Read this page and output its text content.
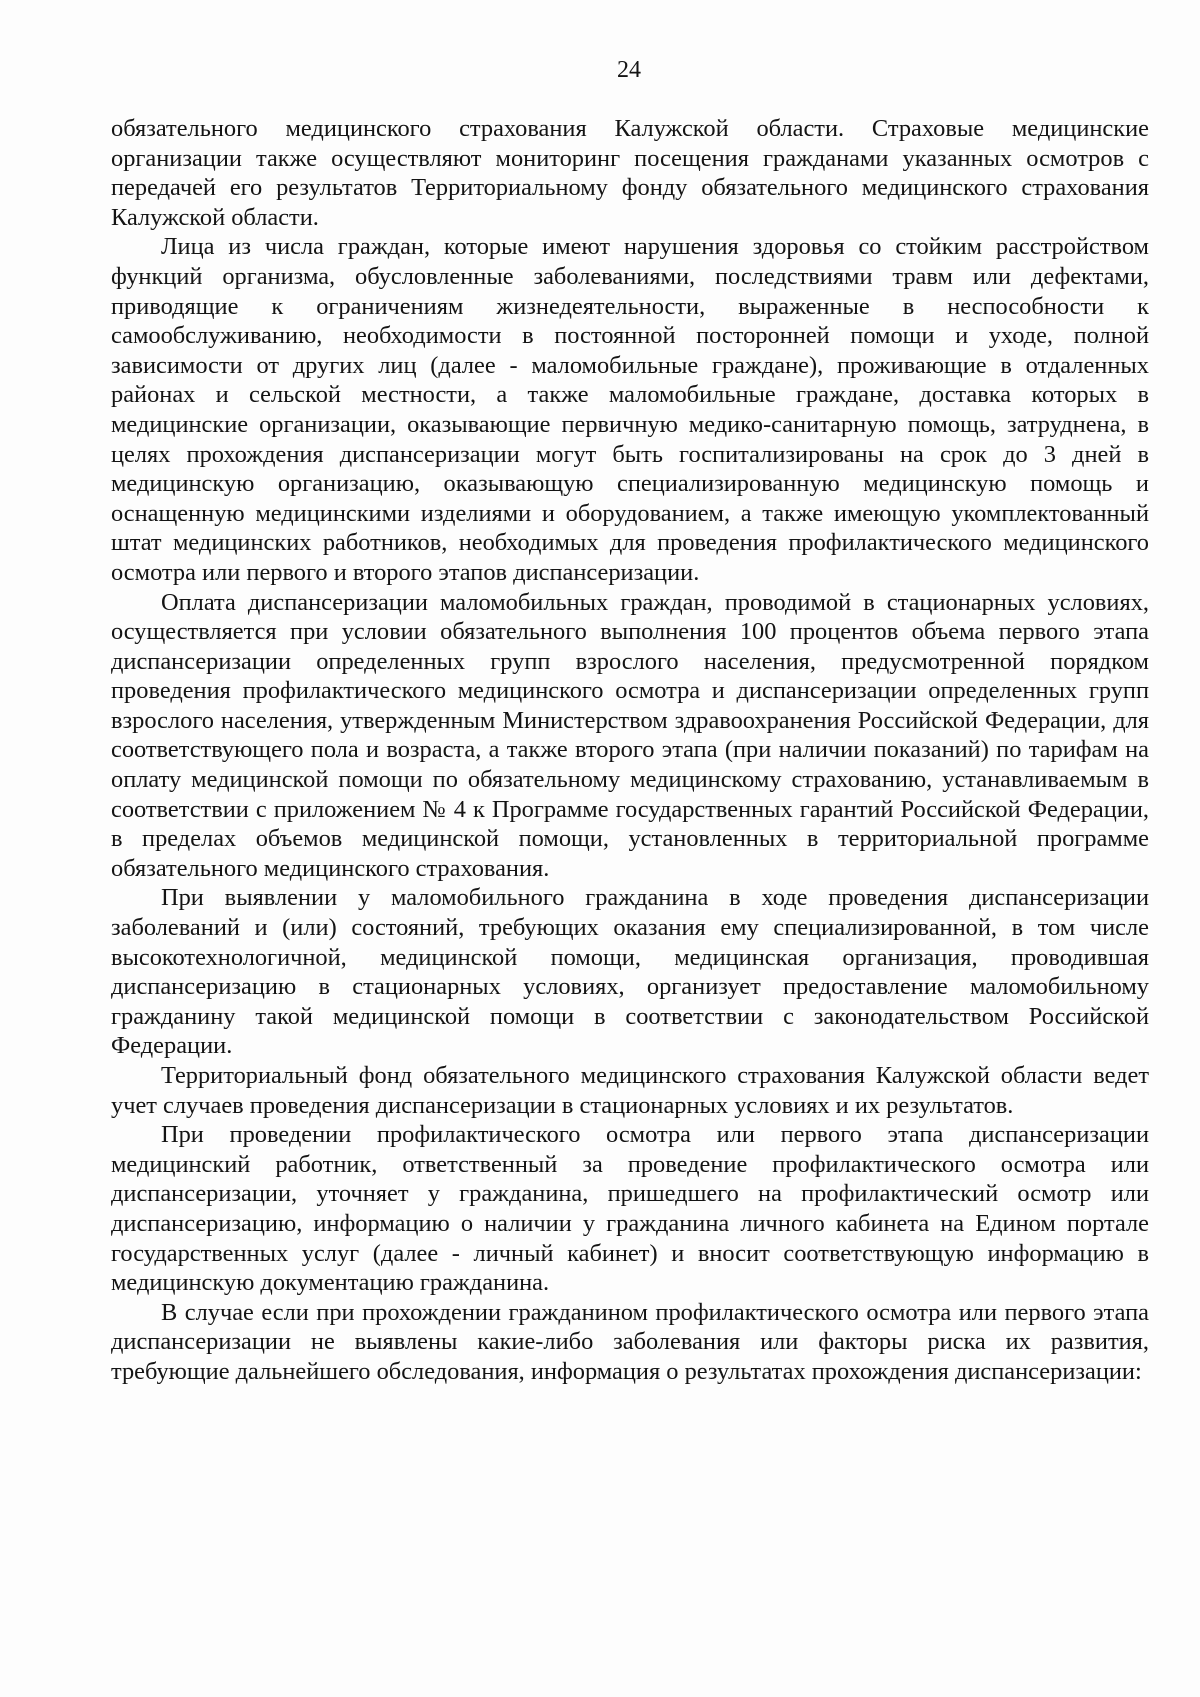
24

обязательного медицинского страхования Калужской области. Страховые медицинские организации также осуществляют мониторинг посещения гражданами указанных осмотров с передачей его результатов Территориальному фонду обязательного медицинского страхования Калужской области.

Лица из числа граждан, которые имеют нарушения здоровья со стойким расстройством функций организма, обусловленные заболеваниями, последствиями травм или дефектами, приводящие к ограничениям жизнедеятельности, выраженные в неспособности к самообслуживанию, необходимости в постоянной посторонней помощи и уходе, полной зависимости от других лиц (далее - маломобильные граждане), проживающие в отдаленных районах и сельской местности, а также маломобильные граждане, доставка которых в медицинские организации, оказывающие первичную медико-санитарную помощь, затруднена, в целях прохождения диспансеризации могут быть госпитализированы на срок до 3 дней в медицинскую организацию, оказывающую специализированную медицинскую помощь и оснащенную медицинскими изделиями и оборудованием, а также имеющую укомплектованный штат медицинских работников, необходимых для проведения профилактического медицинского осмотра или первого и второго этапов диспансеризации.

Оплата диспансеризации маломобильных граждан, проводимой в стационарных условиях, осуществляется при условии обязательного выполнения 100 процентов объема первого этапа диспансеризации определенных групп взрослого населения, предусмотренной порядком проведения профилактического медицинского осмотра и диспансеризации определенных групп взрослого населения, утвержденным Министерством здравоохранения Российской Федерации, для соответствующего пола и возраста, а также второго этапа (при наличии показаний) по тарифам на оплату медицинской помощи по обязательному медицинскому страхованию, устанавливаемым в соответствии с приложением № 4 к Программе государственных гарантий Российской Федерации, в пределах объемов медицинской помощи, установленных в территориальной программе обязательного медицинского страхования.

При выявлении у маломобильного гражданина в ходе проведения диспансеризации заболеваний и (или) состояний, требующих оказания ему специализированной, в том числе высокотехнологичной, медицинской помощи, медицинская организация, проводившая диспансеризацию в стационарных условиях, организует предоставление маломобильному гражданину такой медицинской помощи в соответствии с законодательством Российской Федерации.

Территориальный фонд обязательного медицинского страхования Калужской области ведет учет случаев проведения диспансеризации в стационарных условиях и их результатов.

При проведении профилактического осмотра или первого этапа диспансеризации медицинский работник, ответственный за проведение профилактического осмотра или диспансеризации, уточняет у гражданина, пришедшего на профилактический осмотр или диспансеризацию, информацию о наличии у гражданина личного кабинета на Едином портале государственных услуг (далее - личный кабинет) и вносит соответствующую информацию в медицинскую документацию гражданина.

В случае если при прохождении гражданином профилактического осмотра или первого этапа диспансеризации не выявлены какие-либо заболевания или факторы риска их развития, требующие дальнейшего обследования, информация о результатах прохождения диспансеризации:
